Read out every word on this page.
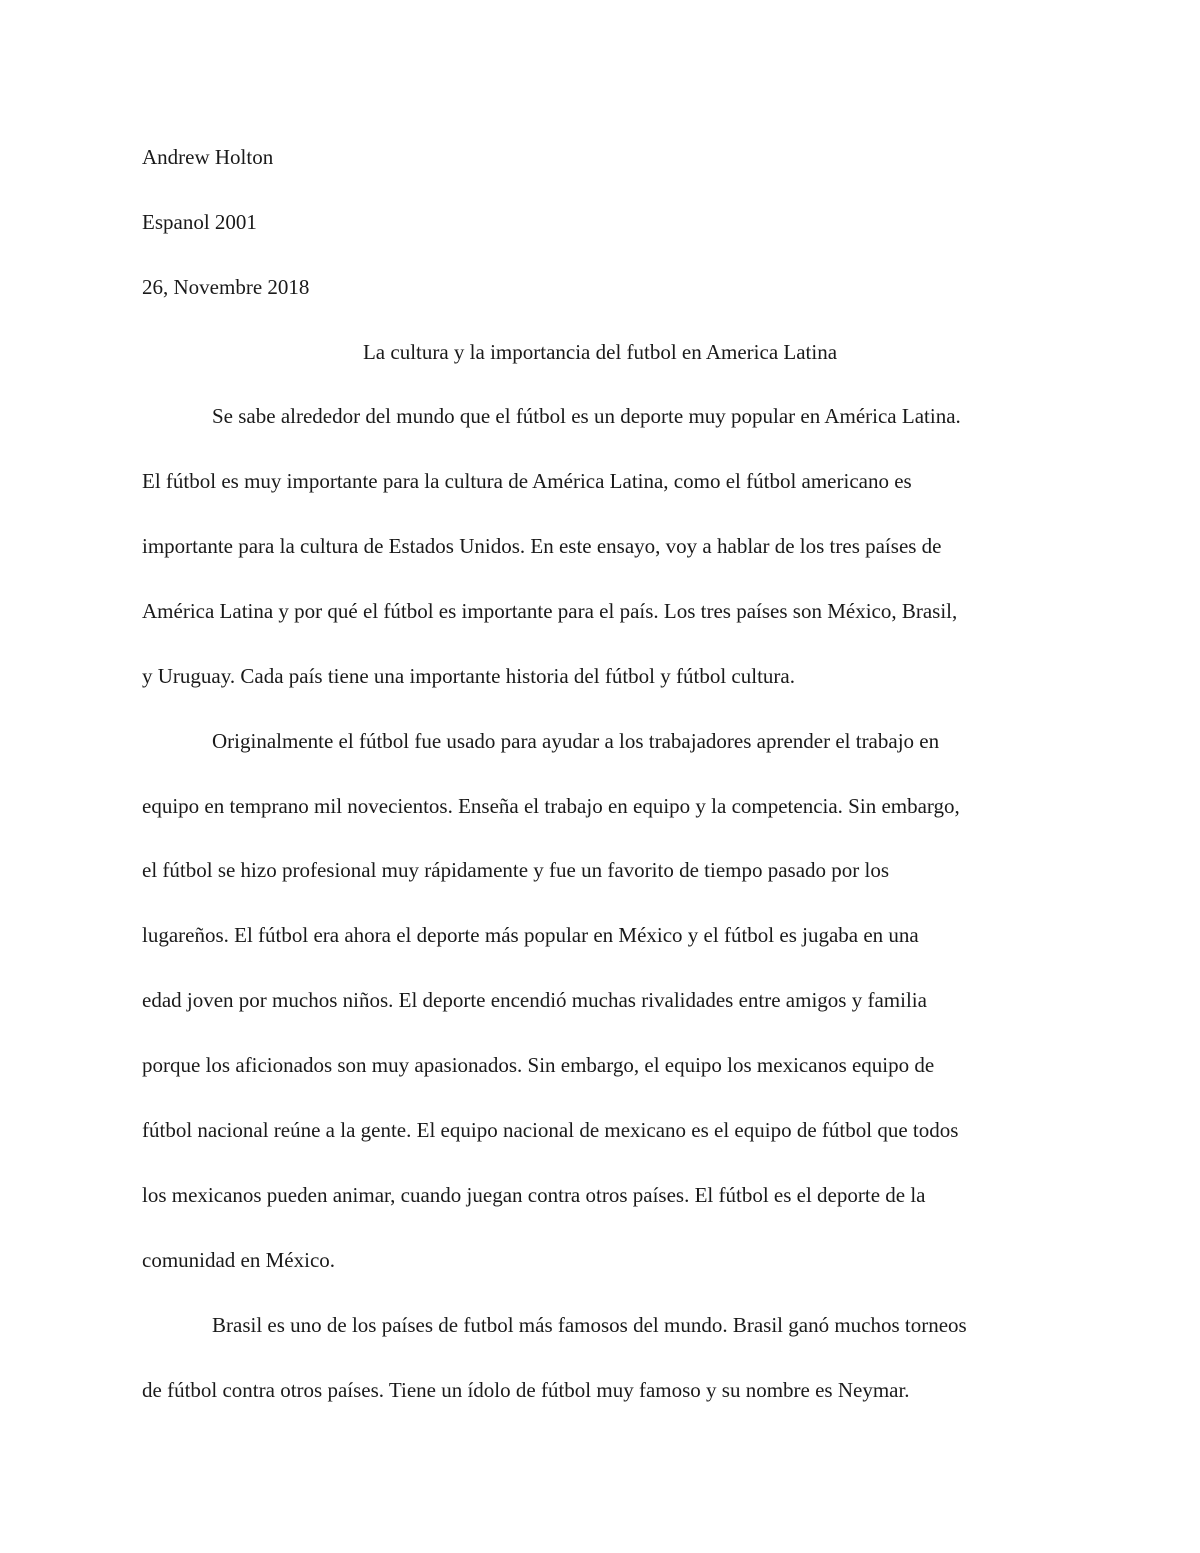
Andrew Holton
Espanol 2001
26, Novembre 2018
La cultura y la importancia del futbol en America Latina
Se sabe alrededor del mundo que el fútbol es un deporte muy popular en América Latina.
El fútbol es muy importante para la cultura de América Latina, como el fútbol americano es
importante para la cultura de Estados Unidos. En este ensayo, voy a hablar de los tres países de
América Latina y por qué el fútbol es importante para el país. Los tres países son México, Brasil,
y Uruguay. Cada país tiene una importante historia del fútbol y fútbol cultura.
Originalmente el fútbol fue usado para ayudar a los trabajadores aprender el trabajo en
equipo en temprano mil novecientos. Enseña el trabajo en equipo y la competencia. Sin embargo,
el fútbol se hizo profesional muy rápidamente y fue un favorito de tiempo pasado por los
lugareños. El fútbol era ahora el deporte más popular en México y el fútbol es jugaba en una
edad joven por muchos niños. El deporte encendió muchas rivalidades entre amigos y familia
porque los aficionados son muy apasionados. Sin embargo, el equipo los mexicanos equipo de
fútbol nacional reúne a la gente. El equipo nacional de mexicano es el equipo de fútbol que todos
los mexicanos pueden animar, cuando juegan contra otros países. El fútbol es el deporte de la
comunidad en México.
Brasil es uno de los países de futbol más famosos del mundo. Brasil ganó muchos torneos
de fútbol contra otros países. Tiene un ídolo de fútbol muy famoso y su nombre es Neymar.
